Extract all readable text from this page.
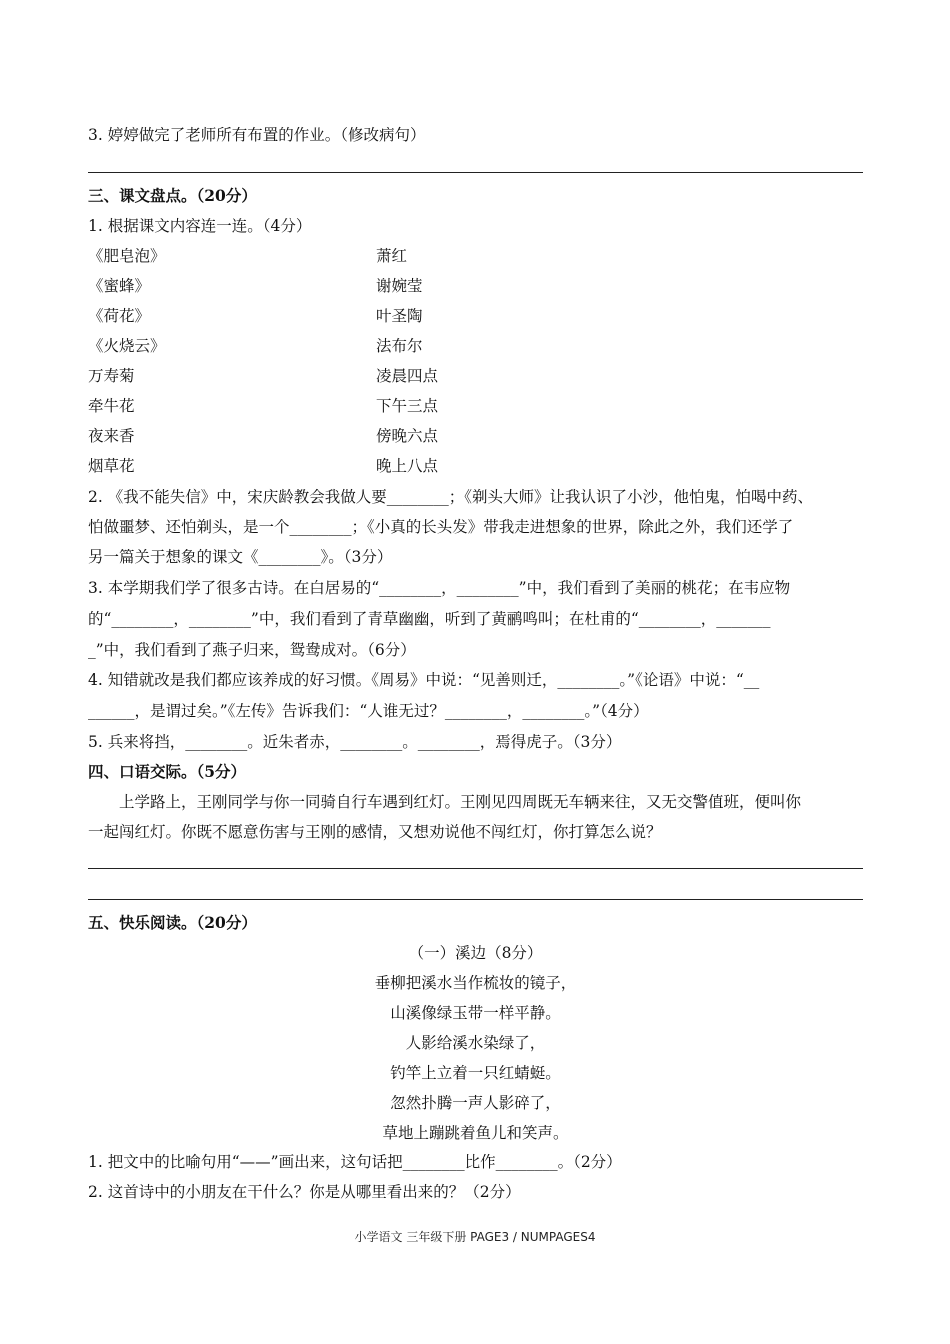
3. 婷婷做完了老师所有布置的作业。（修改病句）
三、课文盘点。（20分）
1. 根据课文内容连一连。（4分）
《肥皂泡》	萧红
《蜜蜂》	谢婉莹
《荷花》	叶圣陶
《火烧云》	法布尔
万寿菊	凌晨四点
牵牛花	下午三点
夜来香	傍晚六点
烟草花	晚上八点
2. 《我不能失信》中，宋庆龄教会我做人要________；《剃头大师》让我认识了小沙，他怕鬼，怕喝中药、
怕做噩梦、还怕剃头，是一个________；《小真的长头发》带我走进想象的世界，除此之外，我们还学了
另一篇关于想象的课文《________》。（3分）
3. 本学期我们学了很多古诗。在白居易的“________，________”中，我们看到了美丽的桃花；在韦应物
的“________，________”中，我们看到了青草幽幽，听到了黄鹂鸣叫；在杜甫的“________，_______
_”中，我们看到了燕子归来，鸳鸯成对。（6分）
4. 知错就改是我们都应该养成的好习惯。《周易》中说：“见善则迁，________。”《论语》中说：“__
______，是谓过矣。”《左传》告诉我们：“人谁无过？________，________。”（4分）
5. 兵来将挡，________。近朱者赤，________。________，焉得虎子。（3分）
四、口语交际。（5分）
上学路上，王刚同学与你一同骑自行车遇到红灯。王刚见四周既无车辆来往，又无交警值班，便叫你
一起闯红灯。你既不愿意伤害与王刚的感情，又想劝说他不闯红灯，你打算怎么说？
五、快乐阅读。（20分）
（一）溪边（8分）
垂柳把溪水当作梳妆的镜子，
山溪像绿玉带一样平静。
人影给溪水染绿了，
钓竿上立着一只红蜻蜓。
忽然扑腾一声人影碎了，
草地上蹦跳着鱼儿和笑声。
1. 把文中的比喻句用“——”画出来，这句话把________比作________。（2分）
2. 这首诗中的小朋友在干什么？你是从哪里看出来的？（2分）
小学语文 三年级下册 PAGE3 / NUMPAGES4
